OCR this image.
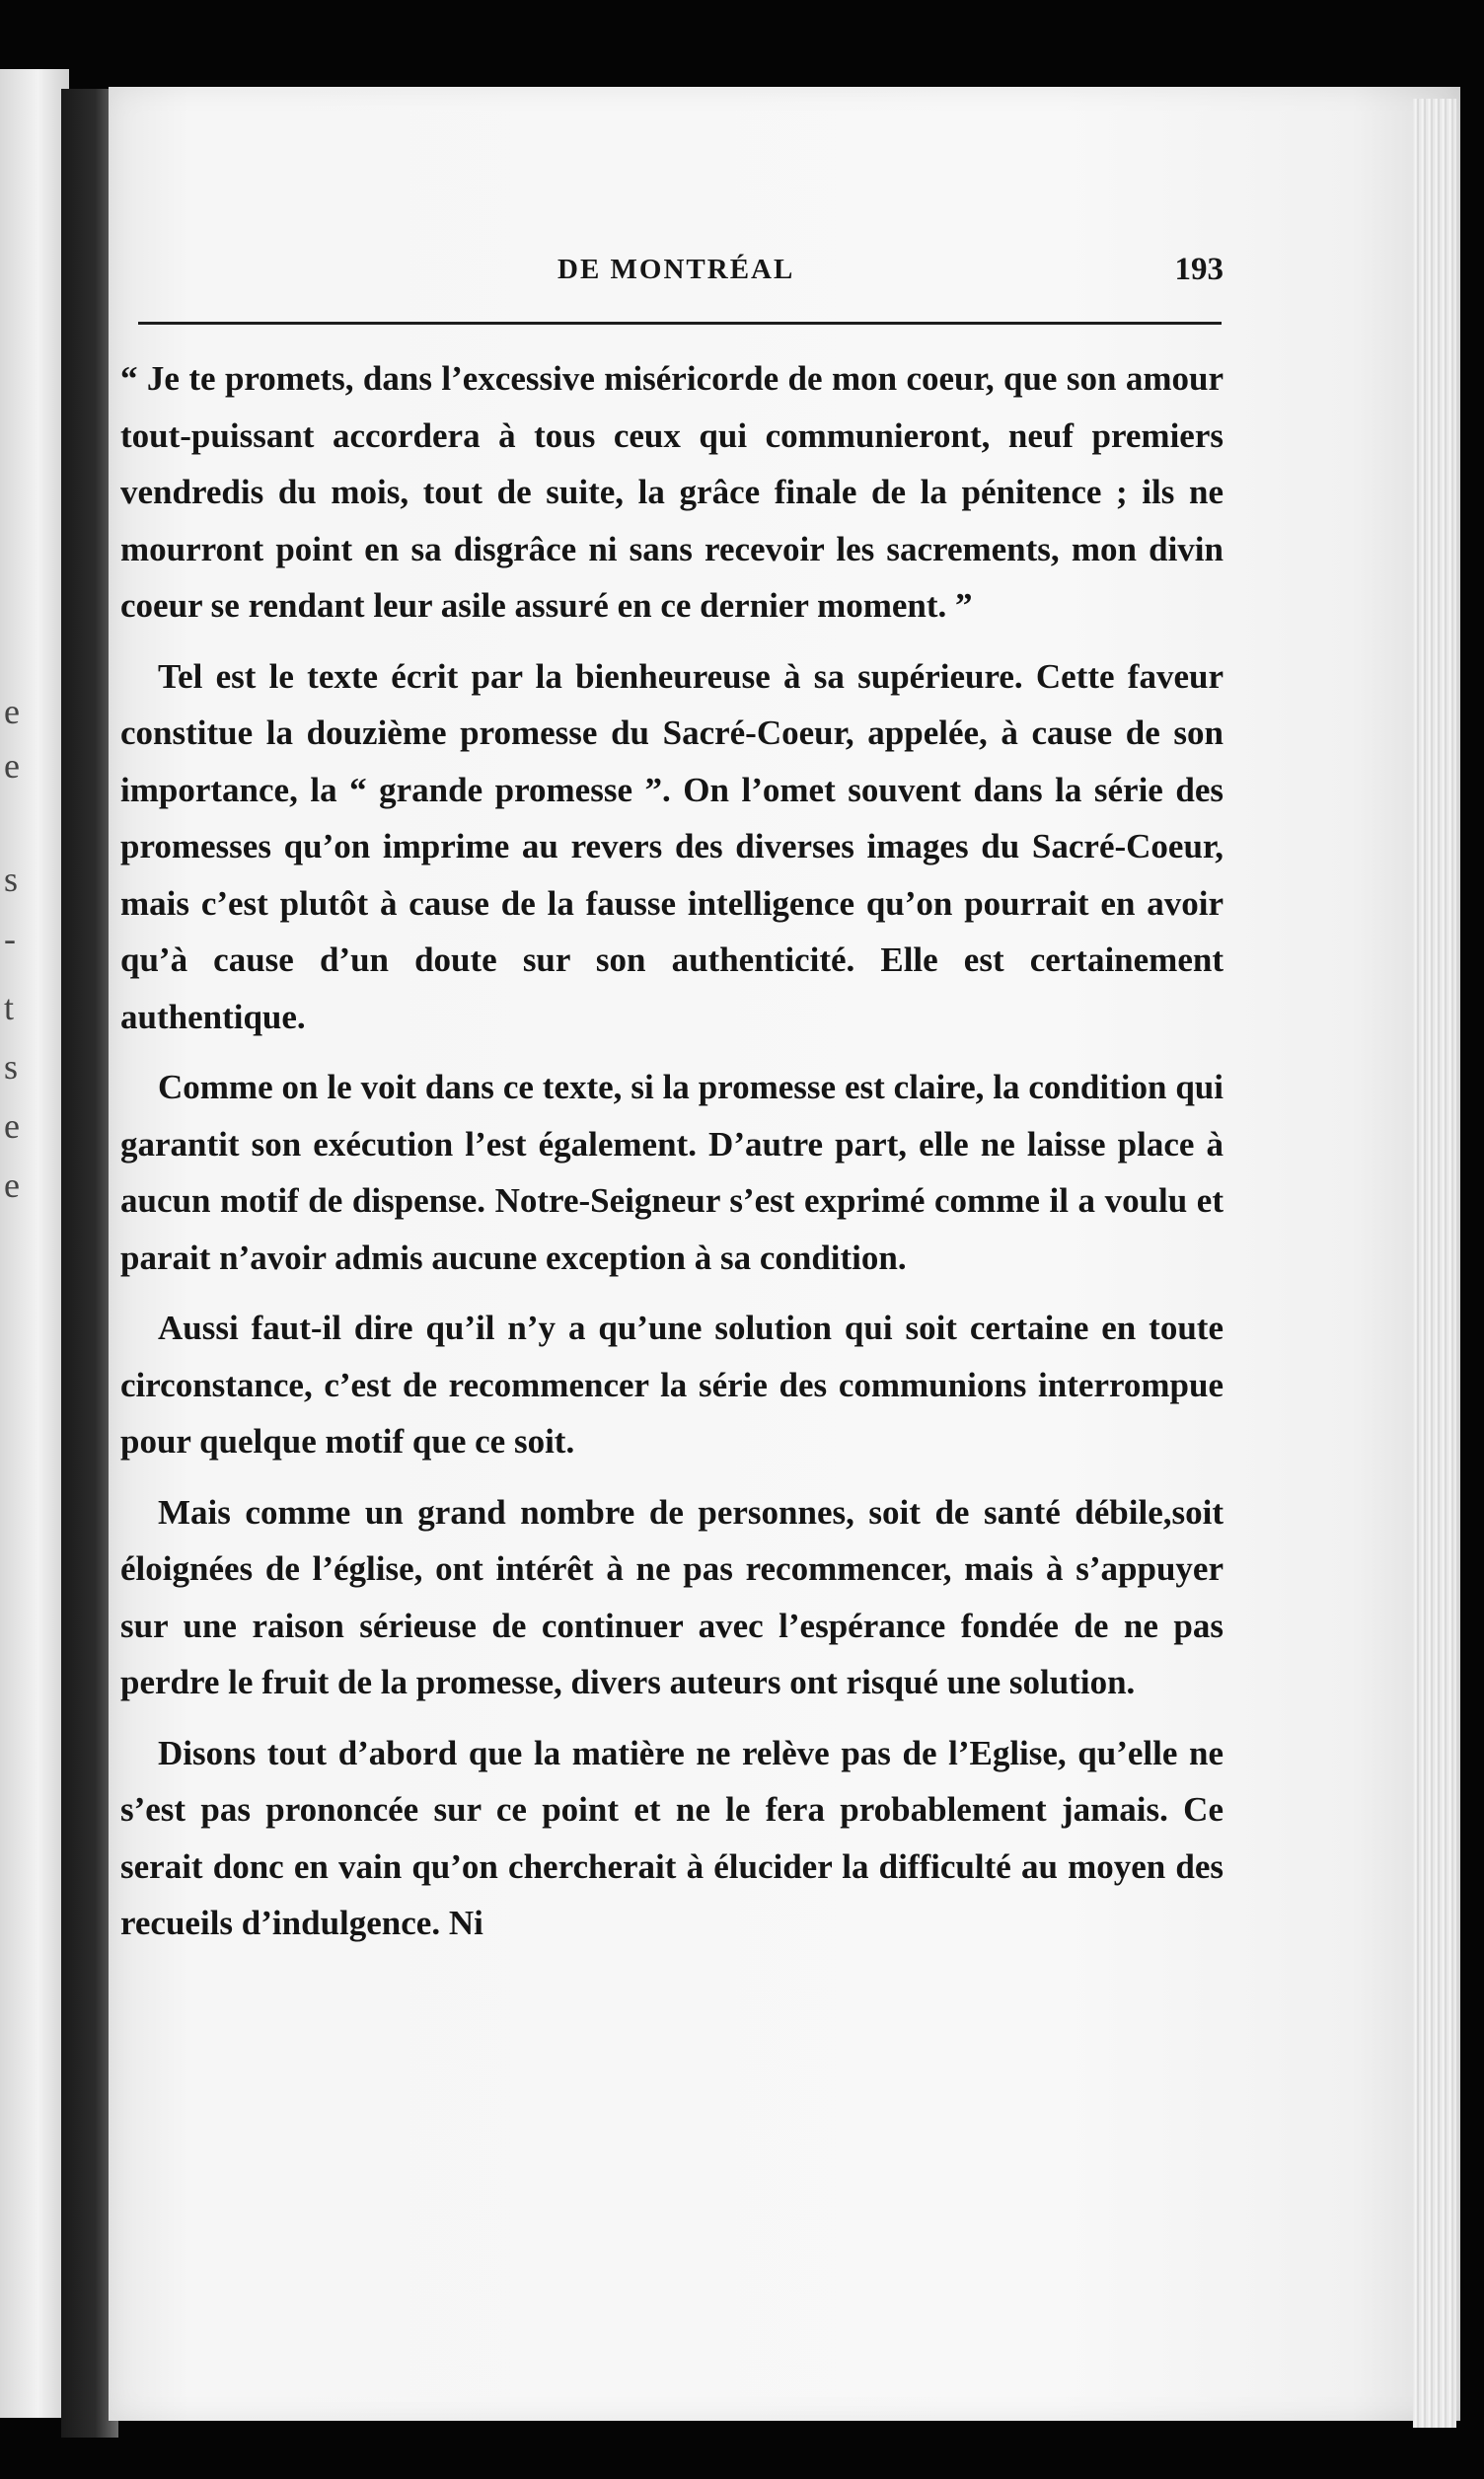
e
e
s
-
t
s
e
e
DE MONTRÉAL	193

“ Je te promets, dans l’excessive miséricorde de mon coeur, que son amour tout-puissant accordera à tous ceux qui communieront, neuf premiers vendredis du mois, tout de suite, la grâce finale de la pénitence ; ils ne mourront point en sa disgrâce ni sans recevoir les sacrements, mon divin coeur se rendant leur asile assuré en ce dernier moment. ”

Tel est le texte écrit par la bienheureuse à sa supérieure. Cette faveur constitue la douzième promesse du Sacré-Coeur, appelée, à cause de son importance, la “ grande promesse ”. On l’omet souvent dans la série des promesses qu’on imprime au revers des diverses images du Sacré-Coeur, mais c’est plutôt à cause de la fausse intelligence qu’on pourrait en avoir qu’à cause d’un doute sur son authenticité. Elle est certainement authentique.

Comme on le voit dans ce texte, si la promesse est claire, la condition qui garantit son exécution l’est également. D’autre part, elle ne laisse place à aucun motif de dispense. Notre-Seigneur s’est exprimé comme il a voulu et parait n’avoir admis aucune exception à sa condition.

Aussi faut-il dire qu’il n’y a qu’une solution qui soit certaine en toute circonstance, c’est de recommencer la série des communions interrompue pour quelque motif que ce soit.

Mais comme un grand nombre de personnes, soit de santé débile,soit éloignées de l’église, ont intérêt à ne pas recommencer, mais à s’appuyer sur une raison sérieuse de continuer avec l’espérance fondée de ne pas perdre le fruit de la promesse, divers auteurs ont risqué une solution.

Disons tout d’abord que la matière ne relève pas de l’Eglise, qu’elle ne s’est pas prononcée sur ce point et ne le fera probablement jamais. Ce serait donc en vain qu’on chercherait à élucider la difficulté au moyen des recueils d’indulgence. Ni
